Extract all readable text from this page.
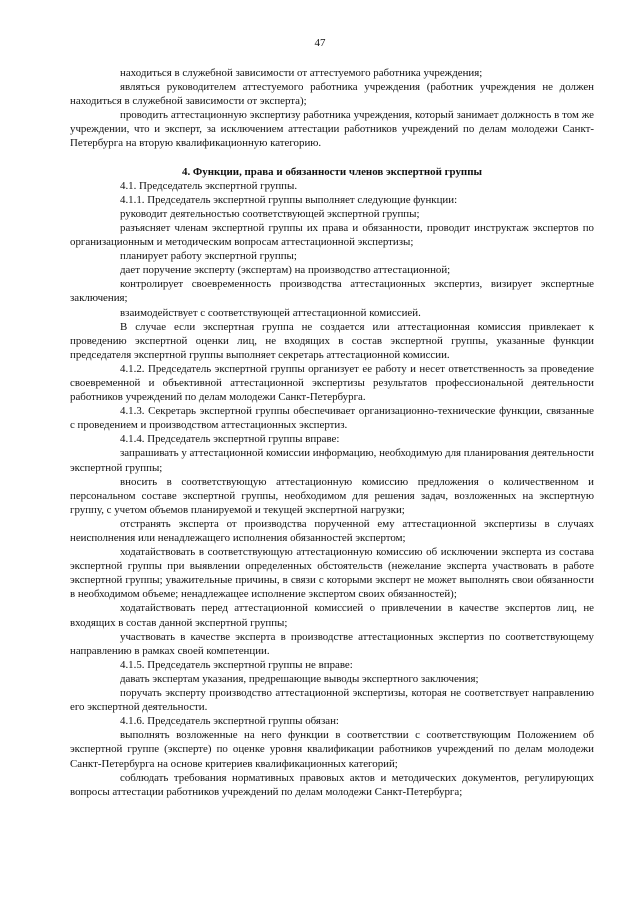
47

находиться в служебной зависимости от аттестуемого работника учреждения;

являться руководителем аттестуемого работника учреждения (работник учреждения не должен находиться в служебной зависимости от эксперта);

проводить аттестационную экспертизу работника учреждения, который занимает должность в том же учреждении, что и эксперт, за исключением аттестации работников учреждений по делам молодежи Санкт-Петербурга на вторую квалификационную категорию.

4. Функции, права и обязанности членов экспертной группы

4.1. Председатель экспертной группы.

4.1.1. Председатель экспертной группы выполняет следующие функции:

руководит деятельностью соответствующей экспертной группы;

разъясняет членам экспертной группы их права и обязанности, проводит инструктаж экспертов по организационным и методическим вопросам аттестационной экспертизы;

планирует работу экспертной группы;

дает поручение эксперту (экспертам) на производство аттестационной;

контролирует своевременность производства аттестационных экспертиз, визирует экспертные заключения;

взаимодействует с соответствующей аттестационной комиссией.

В случае если экспертная группа не создается или аттестационная комиссия привлекает к проведению экспертной оценки лиц, не входящих в состав экспертной группы, указанные функции председателя экспертной группы выполняет секретарь аттестационной комиссии.

4.1.2. Председатель экспертной группы организует ее работу и несет ответственность за проведение своевременной и объективной аттестационной экспертизы результатов профессиональной деятельности работников учреждений по делам молодежи Санкт-Петербурга.

4.1.3. Секретарь экспертной группы обеспечивает организационно-технические функции, связанные с проведением и производством аттестационных экспертиз.

4.1.4. Председатель экспертной группы вправе:

запрашивать у аттестационной комиссии информацию, необходимую для планирования деятельности экспертной группы;

вносить в соответствующую аттестационную комиссию предложения о количественном и персональном составе экспертной группы, необходимом для решения задач, возложенных на экспертную группу, с учетом объемов планируемой и текущей экспертной нагрузки;

отстранять эксперта от производства порученной ему аттестационной экспертизы в случаях неисполнения или ненадлежащего исполнения обязанностей экспертом;

ходатайствовать в соответствующую аттестационную комиссию об исключении эксперта из состава экспертной группы при выявлении определенных обстоятельств (нежелание эксперта участвовать в работе экспертной группы; уважительные причины, в связи с которыми эксперт не может выполнять свои обязанности в необходимом объеме; ненадлежащее исполнение экспертом своих обязанностей);

ходатайствовать перед аттестационной комиссией о привлечении в качестве экспертов лиц, не входящих в состав данной экспертной группы;

участвовать в качестве эксперта в производстве аттестационных экспертиз по соответствующему направлению в рамках своей компетенции.

4.1.5. Председатель экспертной группы не вправе:

давать экспертам указания, предрешающие выводы экспертного заключения;

поручать эксперту производство аттестационной экспертизы, которая не соответствует направлению его экспертной деятельности.

4.1.6. Председатель экспертной группы обязан:

выполнять возложенные на него функции в соответствии с соответствующим Положением об экспертной группе (эксперте) по оценке уровня квалификации работников учреждений по делам молодежи Санкт-Петербурга на основе критериев квалификационных категорий;

соблюдать требования нормативных правовых актов и методических документов, регулирующих вопросы аттестации работников учреждений по делам молодежи Санкт-Петербурга;
